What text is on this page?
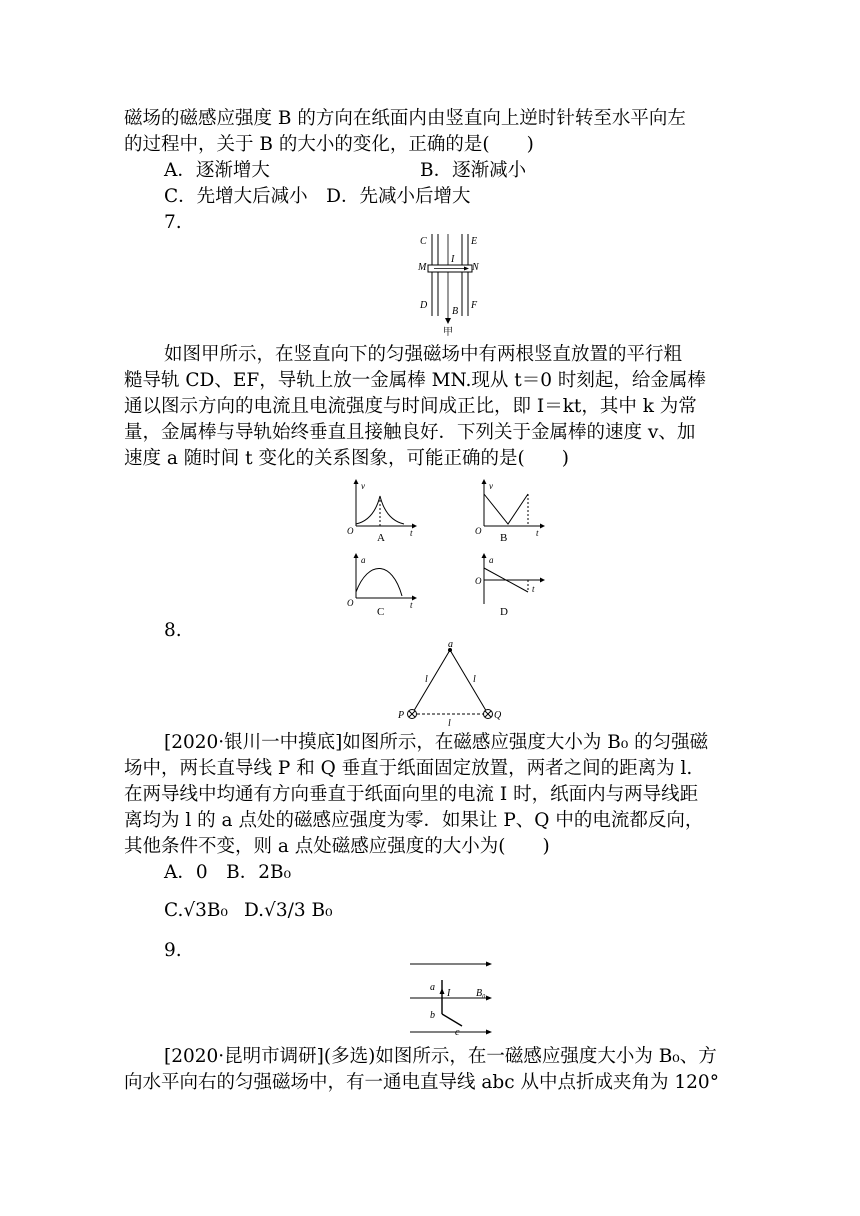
磁场的磁感应强度 B 的方向在纸面内由竖直向上逆时针转至水平向左
的过程中，关于 B 的大小的变化，正确的是(　　)
A．逐渐增大	B．逐渐减小
C．先增大后减小　D．先减小后增大
7.
C	E
M
I
N
D
B
F
甲
如图甲所示，在竖直向下的匀强磁场中有两根竖直放置的平行粗
糙导轨 CD、EF，导轨上放一金属棒 MN.现从 t＝0 时刻起，给金属棒
通以图示方向的电流且电流强度与时间成正比，即 I＝kt，其中 k 为常
量，金属棒与导轨始终垂直且接触良好．下列关于金属棒的速度 v、加
速度 a 随时间 t 变化的关系图象，可能正确的是(　　)
v
O	t
A
v
O	t
B
a
O	t
C
a
O
t
D
8.
a
l	l
l
P	Q
[2020·银川一中摸底]如图所示，在磁感应强度大小为 B₀ 的匀强磁
场中，两长直导线 P 和 Q 垂直于纸面固定放置，两者之间的距离为 l.
在两导线中均通有方向垂直于纸面向里的电流 I 时，纸面内与两导线距
离均为 l 的 a 点处的磁感应强度为零．如果让 P、Q 中的电流都反向，
其他条件不变，则 a 点处磁感应强度的大小为(　　)
A．0　B．2B₀
C.√3B₀ D.√3/3 B₀
9.
a
I	B₀
b
c
[2020·昆明市调研](多选)如图所示，在一磁感应强度大小为 B₀、方
向水平向右的匀强磁场中，有一通电直导线 abc 从中点折成夹角为 120°
